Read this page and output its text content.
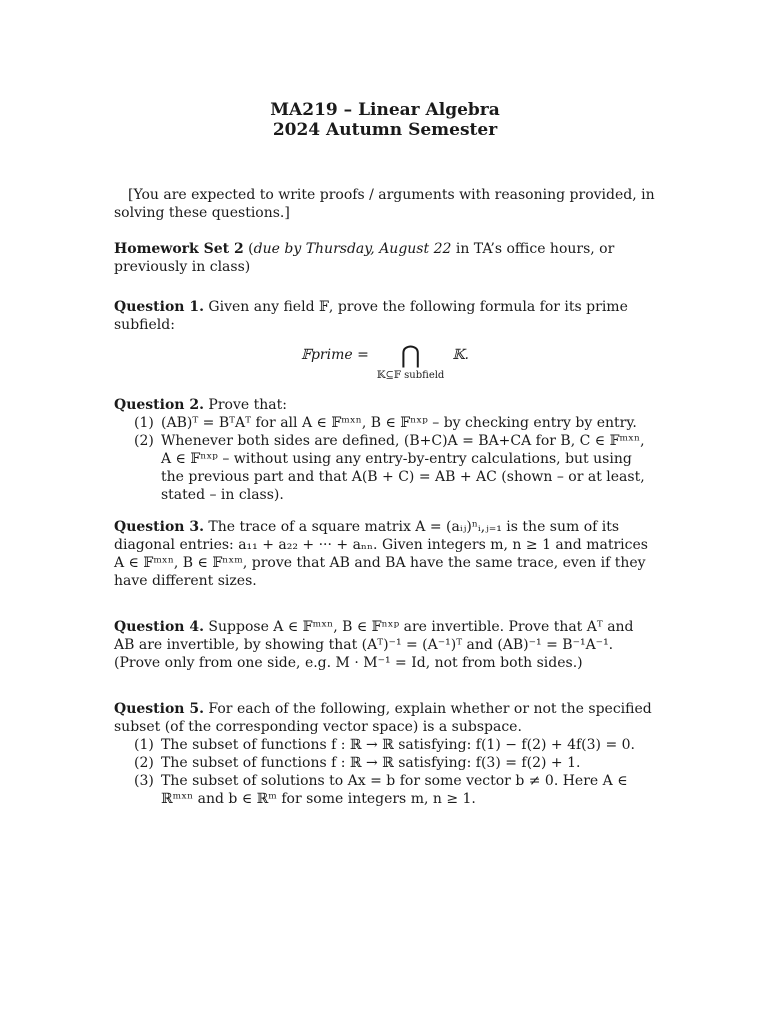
MA219 – Linear Algebra
2024 Autumn Semester

[You are expected to write proofs / arguments with reasoning provided, in solving these questions.]

Homework Set 2 (due by Thursday, August 22 in TA’s office hours, or previously in class)

Question 1. Given any field 𝔽, prove the following formula for its prime subfield:

𝔽prime = ⋂
𝕂⊆𝔽 subfield
𝕂.

Question 2. Prove that:

(1) (AB)ᵀ = BᵀAᵀ for all A ∈ 𝔽ᵐˣⁿ, B ∈ 𝔽ⁿˣᵖ – by checking entry by entry.
(2) Whenever both sides are defined, (B+C)A = BA+CA for B, C ∈ 𝔽ᵐˣⁿ, A ∈ 𝔽ⁿˣᵖ – without using any entry-by-entry calculations, but using the previous part and that A(B + C) = AB + AC (shown – or at least, stated – in class).

Question 3. The trace of a square matrix A = (aᵢⱼ)ⁿᵢ,ⱼ₌₁ is the sum of its diagonal entries: a₁₁ + a₂₂ + ··· + aₙₙ. Given integers m, n ≥ 1 and matrices A ∈ 𝔽ᵐˣⁿ, B ∈ 𝔽ⁿˣᵐ, prove that AB and BA have the same trace, even if they have different sizes.

Question 4. Suppose A ∈ 𝔽ᵐˣⁿ, B ∈ 𝔽ⁿˣᵖ are invertible. Prove that Aᵀ and AB are invertible, by showing that (Aᵀ)⁻¹ = (A⁻¹)ᵀ and (AB)⁻¹ = B⁻¹A⁻¹. (Prove only from one side, e.g. M · M⁻¹ = Id, not from both sides.)

Question 5. For each of the following, explain whether or not the specified subset (of the corresponding vector space) is a subspace.

(1) The subset of functions f : ℝ → ℝ satisfying: f(1) − f(2) + 4f(3) = 0.
(2) The subset of functions f : ℝ → ℝ satisfying: f(3) = f(2) + 1.
(3) The subset of solutions to Ax = b for some vector b ≠ 0. Here A ∈ ℝᵐˣⁿ and b ∈ ℝᵐ for some integers m, n ≥ 1.
